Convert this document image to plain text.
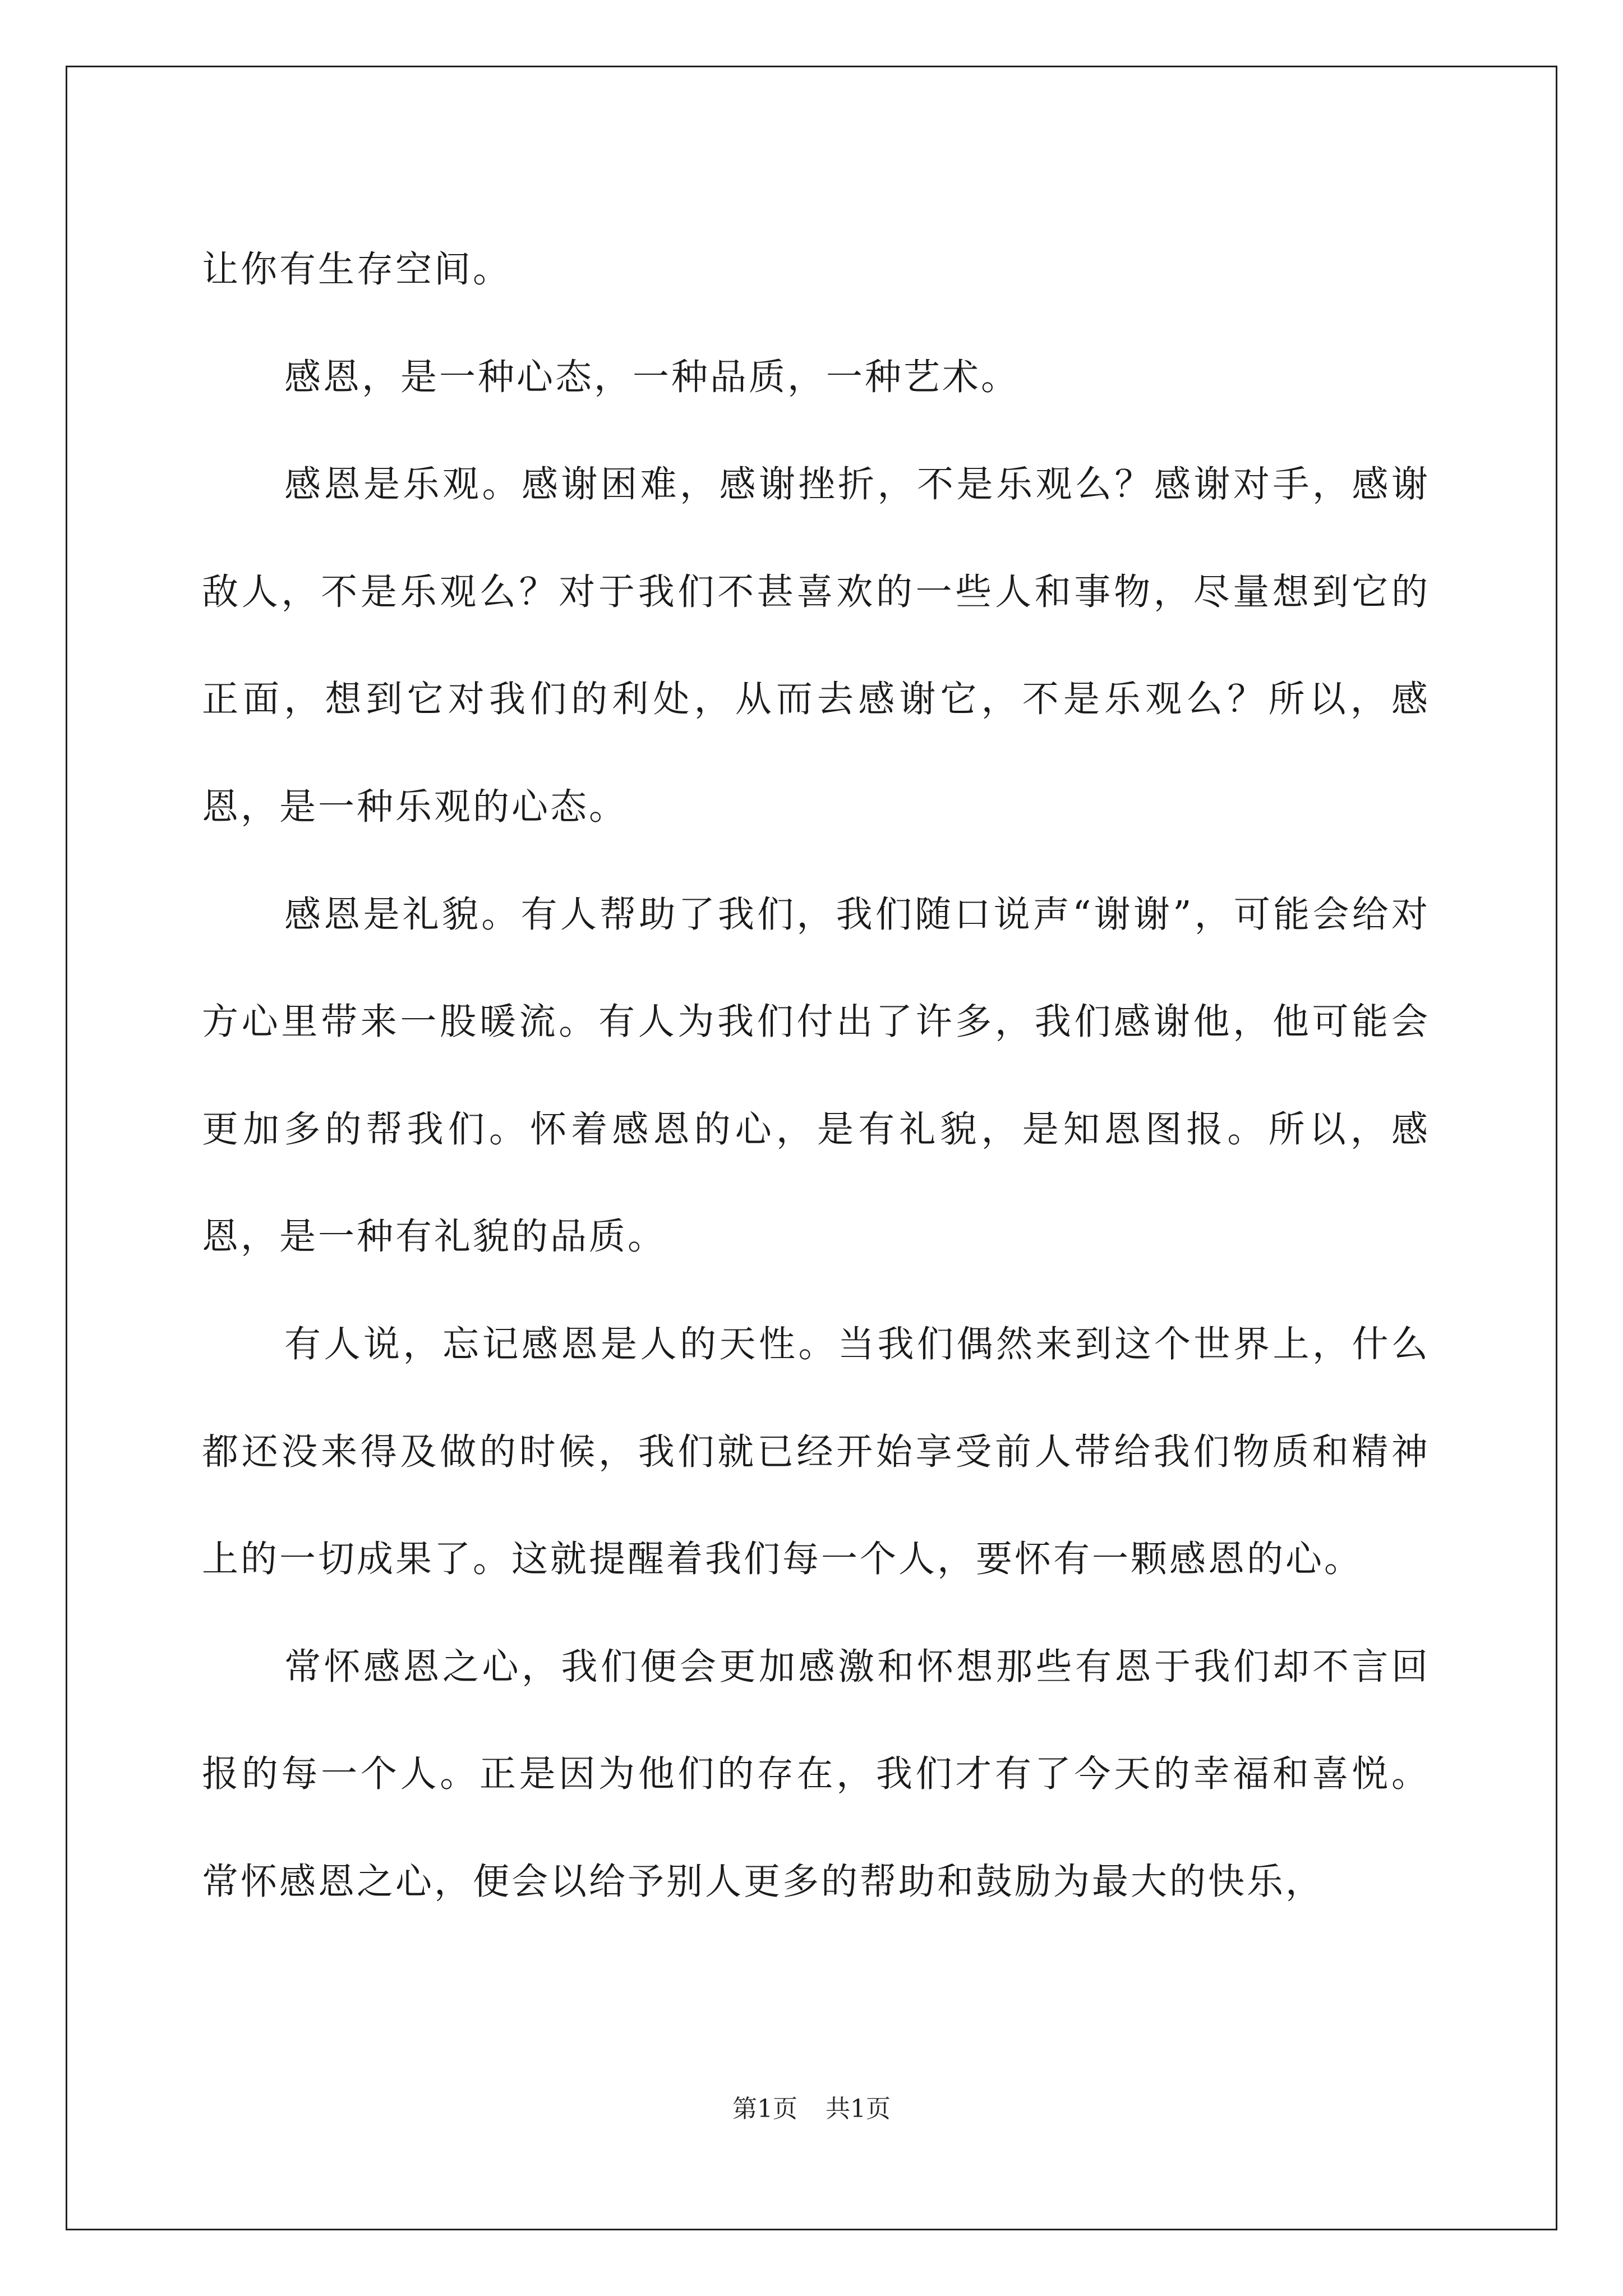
让你有生存空间。

感恩，是一种心态，一种品质，一种艺术。

感恩是乐观。感谢困难，感谢挫折，不是乐观么？感谢对手，感谢敌人，不是乐观么？对于我们不甚喜欢的一些人和事物，尽量想到它的正面，想到它对我们的利处，从而去感谢它，不是乐观么？所以，感恩，是一种乐观的心态。

感恩是礼貌。有人帮助了我们，我们随口说声“谢谢”，可能会给对方心里带来一股暖流。有人为我们付出了许多，我们感谢他，他可能会更加多的帮我们。怀着感恩的心，是有礼貌，是知恩图报。所以，感恩，是一种有礼貌的品质。

有人说，忘记感恩是人的天性。当我们偶然来到这个世界上，什么都还没来得及做的时候，我们就已经开始享受前人带给我们物质和精神上的一切成果了。这就提醒着我们每一个人，要怀有一颗感恩的心。

常怀感恩之心，我们便会更加感激和怀想那些有恩于我们却不言回报的每一个人。正是因为他们的存在，我们才有了今天的幸福和喜悦。常怀感恩之心，便会以给予别人更多的帮助和鼓励为最大的快乐，

第1页 共1页
